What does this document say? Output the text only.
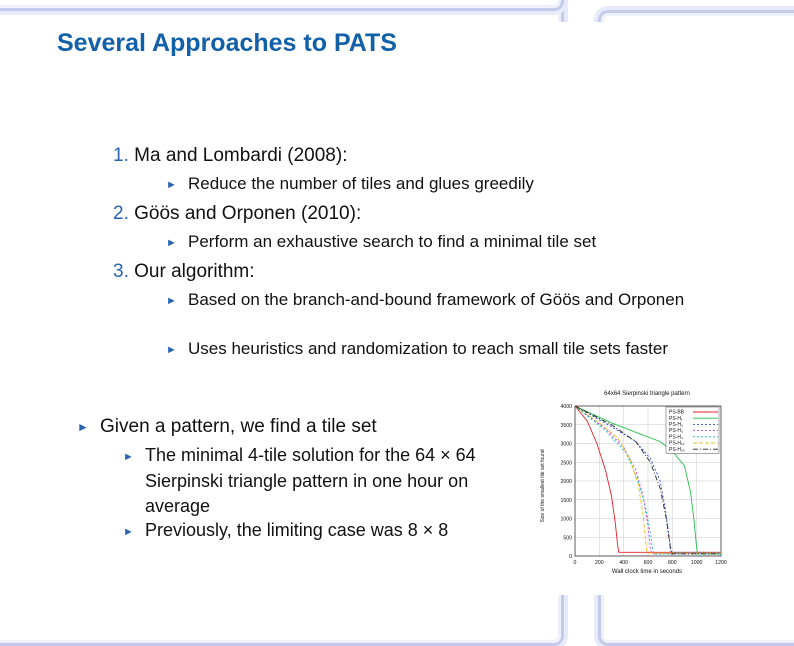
Several Approaches to PATS
1. Ma and Lombardi (2008):
► Reduce the number of tiles and glues greedily
2. Göös and Orponen (2010):
► Perform an exhaustive search to find a minimal tile set
3. Our algorithm:
► Based on the branch-and-bound framework of Göös and Orponen
► Uses heuristics and randomization to reach small tile sets faster
► Given a pattern, we find a tile set
► The minimal 4-tile solution for the 64 × 64 Sierpinski triangle pattern in one hour on average
► Previously, the limiting case was 8 × 8
64x64 Sierpinski triangle pattern
Size of the smallest tile set found
Wall clock time in seconds
0	200	400	600	800	1000 1200
0
500
1000
1500
2000
2500
3000
3500
4000
PS-BB
PS-H₁
PS-H₂
PS-H₃
PS-H₄
PS-H₁₂
PS-H₂₀
